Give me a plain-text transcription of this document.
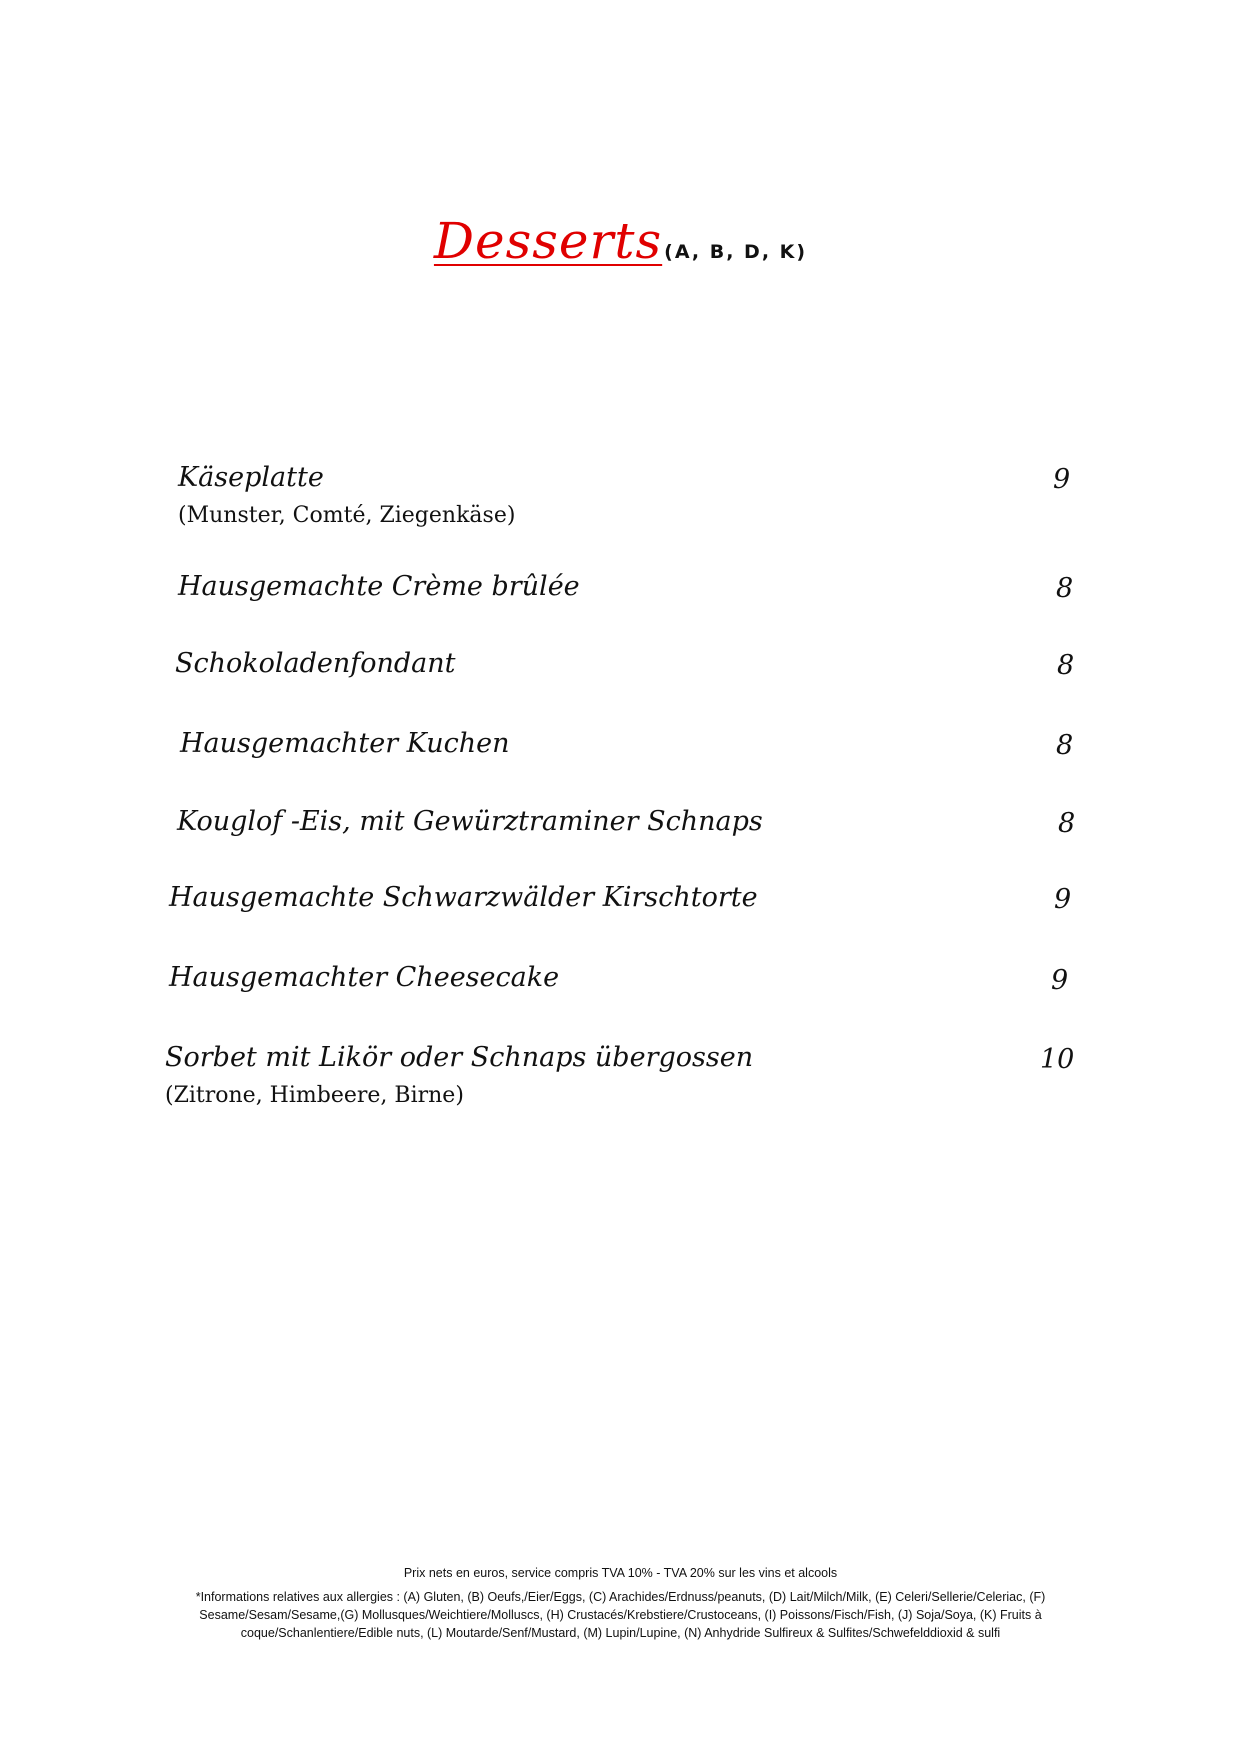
Desserts (A, B, D, K)
Käseplatte	9
(Munster, Comté, Ziegenkäse)
Hausgemachte Crème brûlée	8
Schokoladenfondant	8
Hausgemachter Kuchen	8
Kouglof -Eis, mit Gewürztraminer Schnaps	8
Hausgemachte Schwarzwälder Kirschtorte	9
Hausgemachter Cheesecake	9
Sorbet mit Likör oder Schnaps übergossen	10
(Zitrone, Himbeere, Birne)
Prix nets en euros, service compris TVA 10% - TVA 20% sur les vins et alcools
*Informations relatives aux allergies : (A) Gluten, (B) Oeufs,/Eier/Eggs, (C) Arachides/Erdnuss/peanuts, (D) Lait/Milch/Milk, (E) Celeri/Sellerie/Celeriac, (F) Sesame/Sesam/Sesame,(G) Mollusques/Weichtiere/Molluscs, (H) Crustacés/Krebstiere/Crustoceans, (I) Poissons/Fisch/Fish, (J) Soja/Soya, (K) Fruits à coque/Schanlentiere/Edible nuts, (L) Moutarde/Senf/Mustard, (M) Lupin/Lupine, (N) Anhydride Sulfireux & Sulfites/Schwefelddioxid & sulfi
